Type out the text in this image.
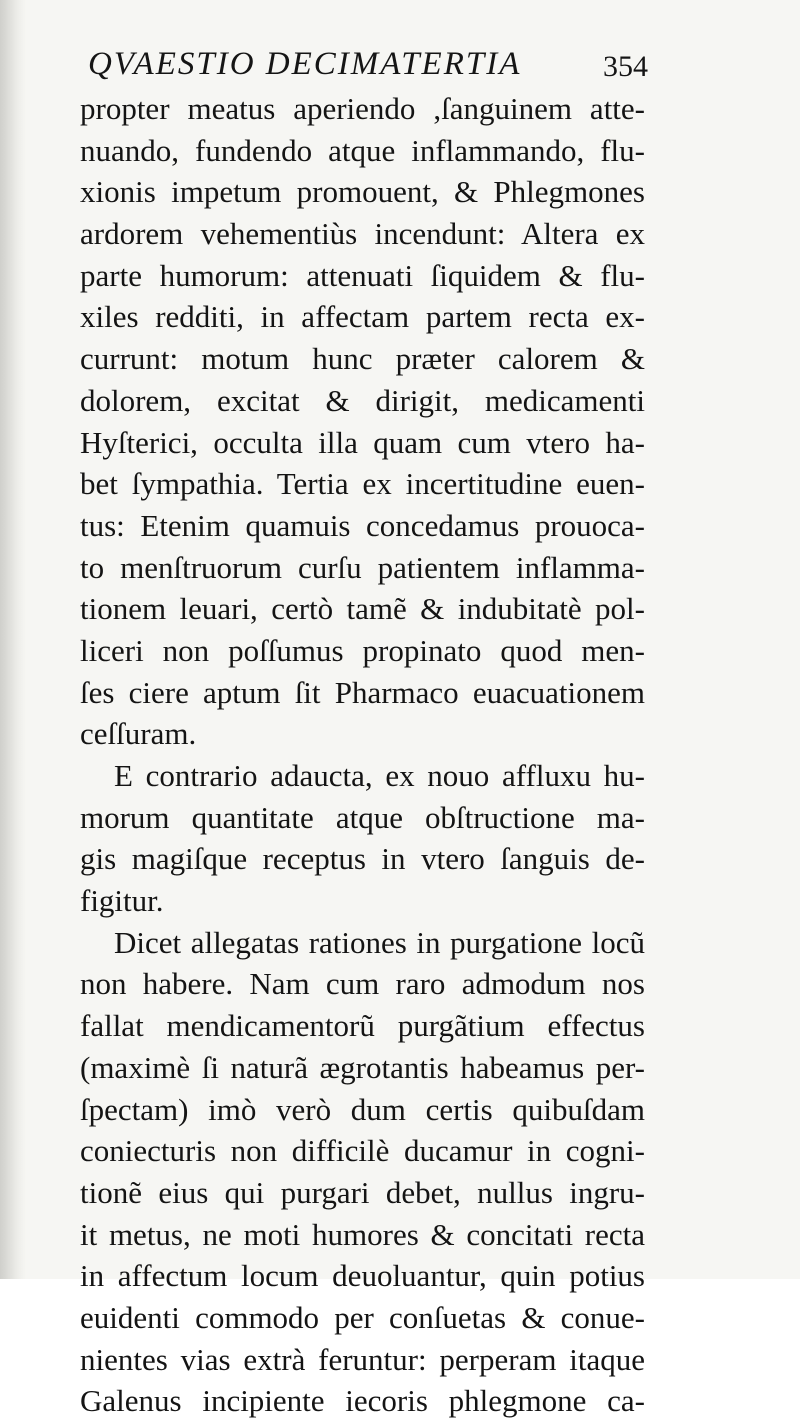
QVAESTIO DECIMATERTIA	354
propter meatus aperiendo ,ſanguinem atte-
nuando, fundendo atque inflammando, flu-
xionis impetum promouent, & Phlegmones
ardorem vehementiùs incendunt: Altera ex
parte humorum: attenuati ſiquidem & flu-
xiles redditi, in affectam partem recta ex-
currunt: motum hunc præter calorem &
dolorem, excitat & dirigit, medicamenti
Hyſterici, occulta illa quam cum vtero ha-
bet ſympathia. Tertia ex incertitudine euen-
tus: Etenim quamuis concedamus prouoca-
to menſtruorum curſu patientem inflamma-
tionem leuari, certò tamẽ & indubitatè pol-
liceri non poſſumus propinato quod men-
ſes ciere aptum ſit Pharmaco euacuationem
ceſſuram.
E contrario adaucta, ex nouo affluxu hu-
morum quantitate atque obſtructione ma-
gis magiſque receptus in vtero ſanguis de-
figitur.
Dicet allegatas rationes in purgatione locũ
non habere. Nam cum raro admodum nos
fallat mendicamentorũ purgãtium effectus
(maximè ſi naturã ægrotantis habeamus per-
ſpectam) imò verò dum certis quibuſdam
coniecturis non difficilè ducamur in cogni-
tionẽ eius qui purgari debet, nullus ingru-
it metus, ne moti humores & concitati recta
in affectum locum deuoluantur, quin potius
euidenti commodo per conſuetas & conue-
nientes vias extrà feruntur: perperam itaque
Galenus incipiente iecoris phlegmone ca-
